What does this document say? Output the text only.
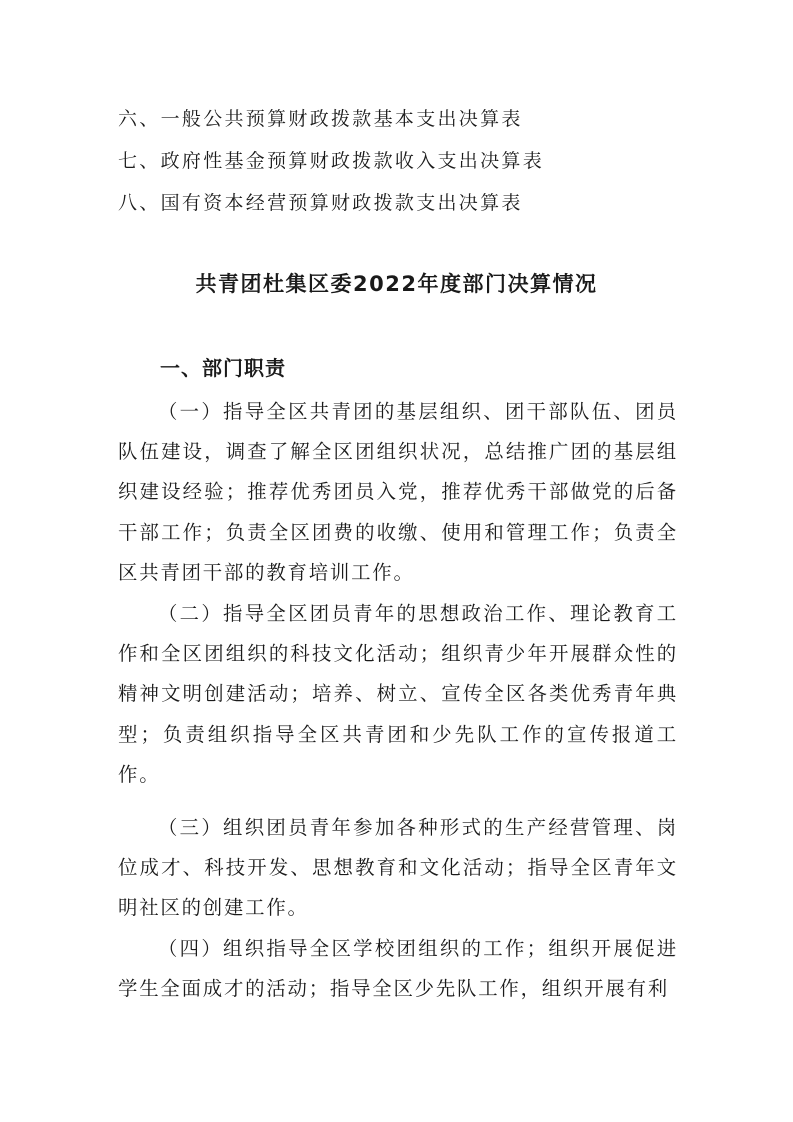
六、一般公共预算财政拨款基本支出决算表
七、政府性基金预算财政拨款收入支出决算表
八、国有资本经营预算财政拨款支出决算表
共青团杜集区委2022年度部门决算情况
一、部门职责
（一）指导全区共青团的基层组织、团干部队伍、团员队伍建设，调查了解全区团组织状况，总结推广团的基层组织建设经验；推荐优秀团员入党，推荐优秀干部做党的后备干部工作；负责全区团费的收缴、使用和管理工作；负责全区共青团干部的教育培训工作。
（二）指导全区团员青年的思想政治工作、理论教育工作和全区团组织的科技文化活动；组织青少年开展群众性的精神文明创建活动；培养、树立、宣传全区各类优秀青年典型；负责组织指导全区共青团和少先队工作的宣传报道工作。
（三）组织团员青年参加各种形式的生产经营管理、岗位成才、科技开发、思想教育和文化活动；指导全区青年文明社区的创建工作。
（四）组织指导全区学校团组织的工作；组织开展促进学生全面成才的活动；指导全区少先队工作，组织开展有利
